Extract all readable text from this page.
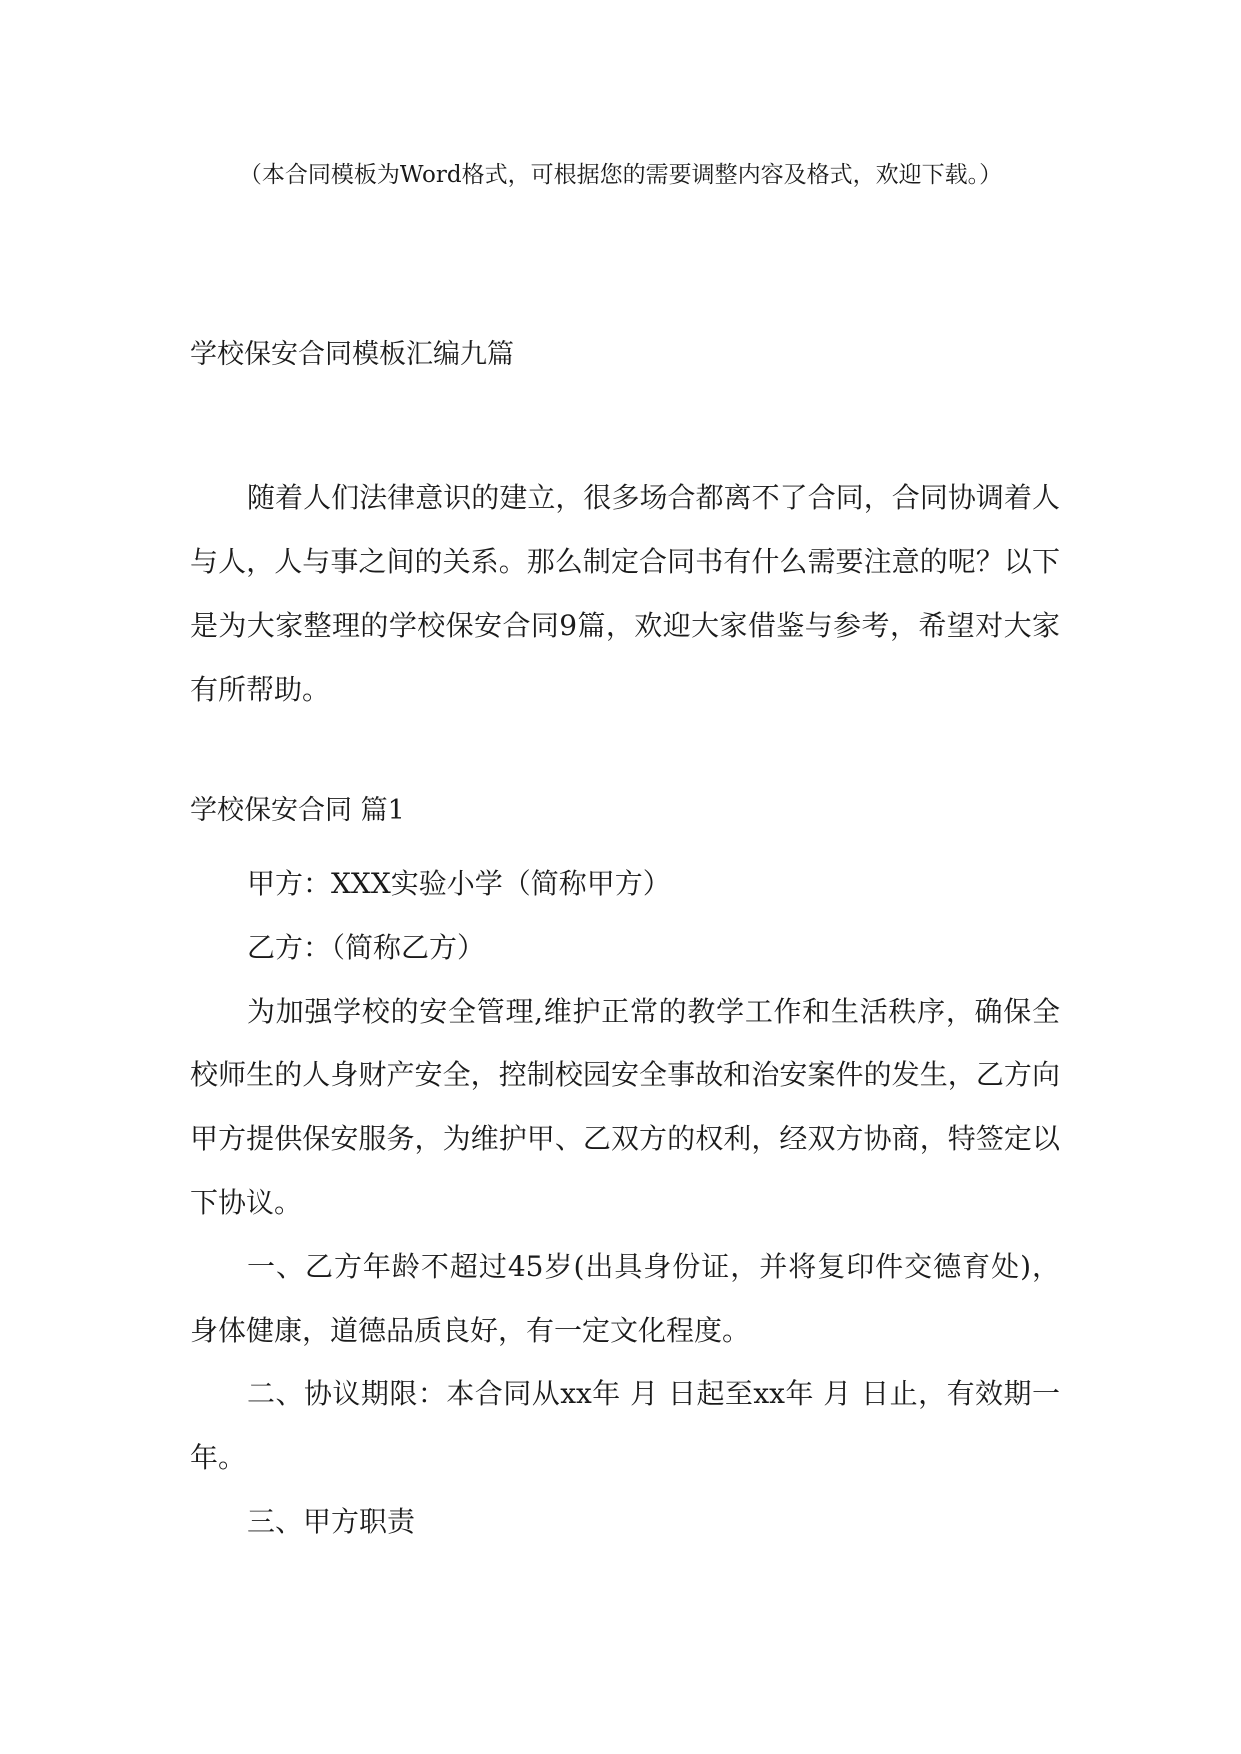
（本合同模板为Word格式，可根据您的需要调整内容及格式，欢迎下载。）
学校保安合同模板汇编九篇

随着人们法律意识的建立，很多场合都离不了合同，合同协调着人与人，人与事之间的关系。那么制定合同书有什么需要注意的呢？以下是为大家整理的学校保安合同9篇，欢迎大家借鉴与参考，希望对大家有所帮助。

学校保安合同 篇1

甲方：XXX实验小学（简称甲方）

乙方：（简称乙方）

为加强学校的安全管理,维护正常的教学工作和生活秩序，确保全校师生的人身财产安全，控制校园安全事故和治安案件的发生，乙方向甲方提供保安服务，为维护甲、乙双方的权利，经双方协商，特签定以下协议。

一、乙方年龄不超过45岁(出具身份证，并将复印件交德育处)，身体健康，道德品质良好，有一定文化程度。

二、协议期限：本合同从xx年 月 日起至xx年 月 日止，有效期一年。

三、甲方职责
